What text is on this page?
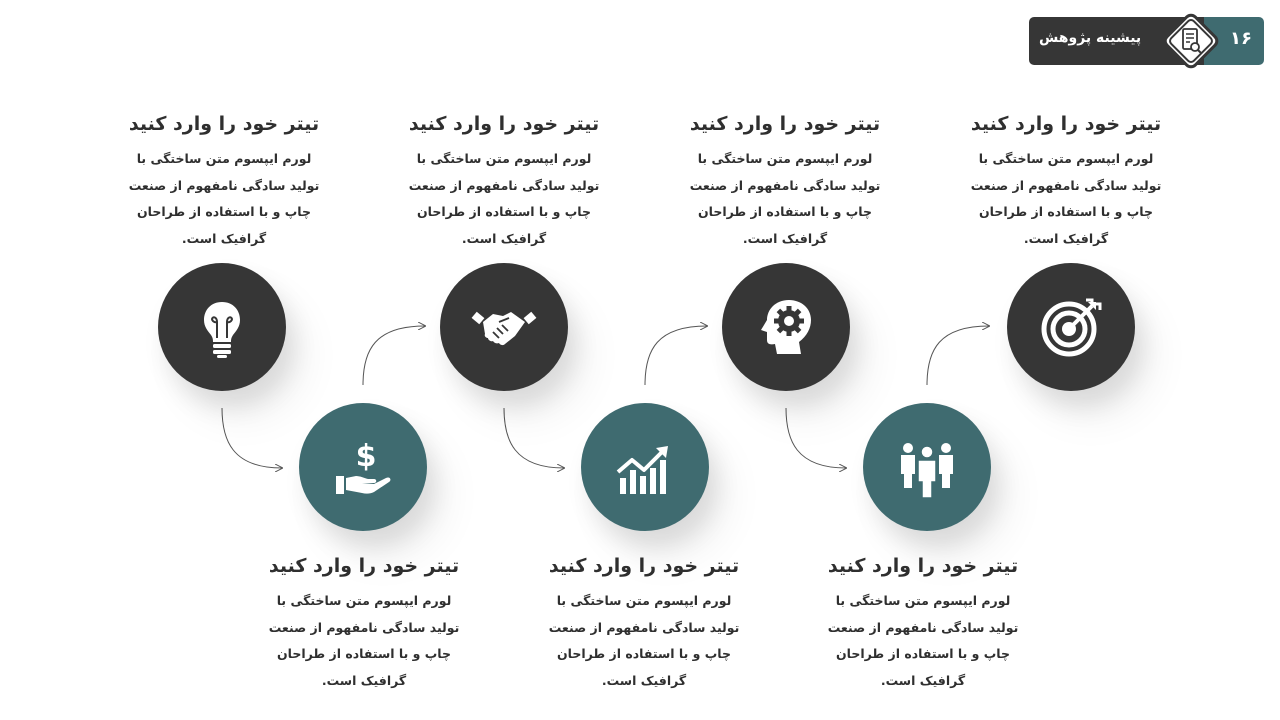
پیشینه پژوهش	۱۶
تیتر خود را وارد کنید
لورم ایپسوم متن ساختگی با
تولید سادگی نامفهوم از صنعت
چاپ و با استفاده از طراحان
گرافیک است.
تیتر خود را وارد کنید
لورم ایپسوم متن ساختگی با
تولید سادگی نامفهوم از صنعت
چاپ و با استفاده از طراحان
گرافیک است.
تیتر خود را وارد کنید
لورم ایپسوم متن ساختگی با
تولید سادگی نامفهوم از صنعت
چاپ و با استفاده از طراحان
گرافیک است.
تیتر خود را وارد کنید
لورم ایپسوم متن ساختگی با
تولید سادگی نامفهوم از صنعت
چاپ و با استفاده از طراحان
گرافیک است.
تیتر خود را وارد کنید
لورم ایپسوم متن ساختگی با
تولید سادگی نامفهوم از صنعت
چاپ و با استفاده از طراحان
گرافیک است.
تیتر خود را وارد کنید
لورم ایپسوم متن ساختگی با
تولید سادگی نامفهوم از صنعت
چاپ و با استفاده از طراحان
گرافیک است.
تیتر خود را وارد کنید
لورم ایپسوم متن ساختگی با
تولید سادگی نامفهوم از صنعت
چاپ و با استفاده از طراحان
گرافیک است.
$
